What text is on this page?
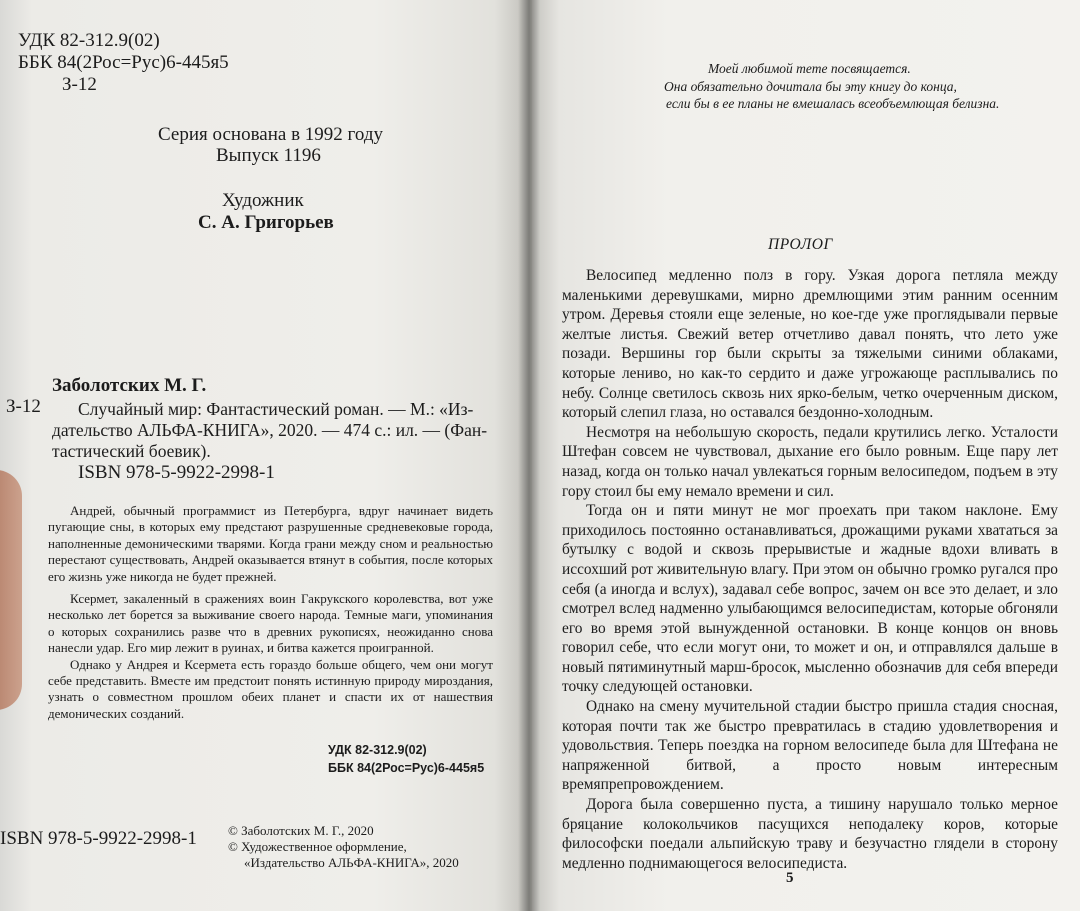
УДК 82-312.9(02)
ББК 84(2Рос=Рус)6-445я5
З-12
Серия основана в 1992 году
Выпуск 1196
Художник
С. А. Григорьев
Заболотских М. Г.
З-12 Случайный мир: Фантастический роман. — М.: «Из-
дательство АЛЬФА-КНИГА», 2020. — 474 с.: ил. — (Фан-
тастический боевик).
ISBN 978-5-9922-2998-1

Андрей, обычный программист из Петербурга, вдруг начинает видеть пугающие сны, в которых ему предстают разрушенные средневековые города, наполненные демоническими тварями. Когда грани между сном и реальностью перестают существовать, Андрей оказывается втянут в события, после которых его жизнь уже никогда не будет прежней.

Ксермет, закаленный в сражениях воин Гакрукского королевства, вот уже несколько лет борется за выживание своего народа. Темные маги, упоминания о которых сохранились разве что в древних рукописях, неожиданно снова нанесли удар. Его мир лежит в руинах, и битва кажется проигранной.

Однако у Андрея и Ксермета есть гораздо больше общего, чем они могут себе представить. Вместе им предстоит понять истинную природу мироздания, узнать о совместном прошлом обеих планет и спасти их от нашествия демонических созданий.

УДК 82-312.9(02)
ББК 84(2Рос=Рус)6-445я5
© Заболотских М. Г., 2020
© Художественное оформление,
«Издательство АЛЬФА-КНИГА», 2020
ISBN 978-5-9922-2998-1
Моей любимой тете посвящается.
Она обязательно дочитала бы эту книгу до конца,
если бы в ее планы не вмешалась всеобъемлющая белизна.
ПРОЛОГ

Велосипед медленно полз в гору. Узкая дорога петляла между маленькими деревушками, мирно дремлющими этим ранним осенним утром. Деревья стояли еще зеленые, но кое-где уже проглядывали первые желтые листья. Свежий ветер отчетливо давал понять, что лето уже позади. Вершины гор были скрыты за тяжелыми синими облаками, которые лениво, но как-то сердито и даже угрожающе расплывались по небу. Солнце светилось сквозь них ярко-белым, четко очерченным диском, который слепил глаза, но оставался бездонно-холодным.

Несмотря на небольшую скорость, педали крутились легко. Усталости Штефан совсем не чувствовал, дыхание его было ровным. Еще пару лет назад, когда он только начал увлекаться горным велосипедом, подъем в эту гору стоил бы ему немало времени и сил.

Тогда он и пяти минут не мог проехать при таком наклоне. Ему приходилось постоянно останавливаться, дрожащими руками хвататься за бутылку с водой и сквозь прерывистые и жадные вдохи вливать в иссохший рот живительную влагу. При этом он обычно громко ругался про себя (а иногда и вслух), задавал себе вопрос, зачем он все это делает, и зло смотрел вслед надменно улыбающимся велосипедистам, которые обгоняли его во время этой вынужденной остановки. В конце концов он вновь говорил себе, что если могут они, то может и он, и отправлялся дальше в новый пятиминутный марш-бросок, мысленно обозначив для себя впереди точку следующей остановки.

Однако на смену мучительной стадии быстро пришла стадия сносная, которая почти так же быстро превратилась в стадию удовлетворения и удовольствия. Теперь поездка на горном велосипеде была для Штефана не напряженной битвой, а просто новым интересным времяпрепровождением.

Дорога была совершенно пуста, а тишину нарушало только мерное бряцание колокольчиков пасущихся неподалеку коров, которые философски поедали альпийскую траву и безучастно глядели в сторону медленно поднимающегося велосипедиста.

5
